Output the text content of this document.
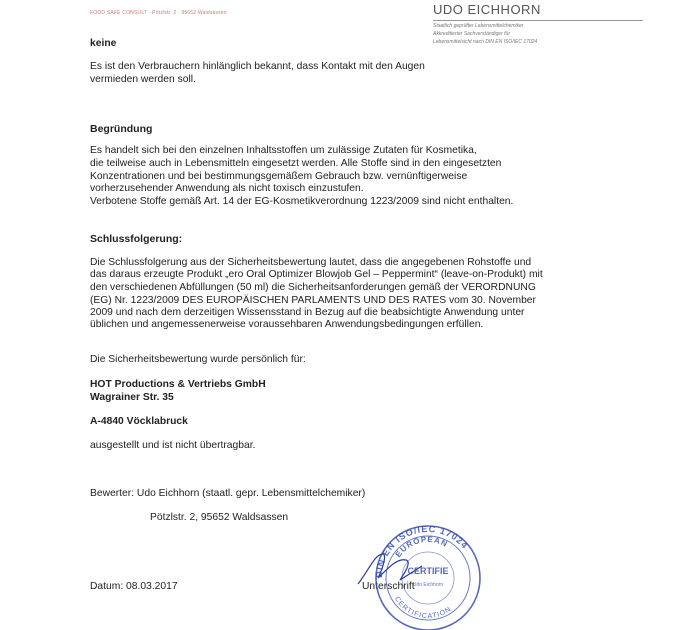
FOOD SAFE CONSULT · Pötzlstr. 2 · 95652 Waldsassen	UDO EICHHORN
Staatlich geprüfter Lebensmittelchemiker
Akkreditierter Sachverständiger für
Lebensmittelsicht nach DIN EN ISO/IEC 17024
keine
Es ist den Verbrauchern hinlänglich bekannt, dass Kontakt mit den Augen
vermieden werden soll.
Begründung
Es handelt sich bei den einzelnen Inhaltsstoffen um zulässige Zutaten für Kosmetika,
die teilweise auch in Lebensmitteln eingesetzt werden. Alle Stoffe sind in den eingesetzten
Konzentrationen und bei bestimmungsgemäßem Gebrauch bzw. vernünftigerweise
vorherzusehender Anwendung als nicht toxisch einzustufen.
Verbotene Stoffe gemäß Art. 14 der EG-Kosmetikverordnung 1223/2009 sind nicht enthalten.
Schlussfolgerung:
Die Schlussfolgerung aus der Sicherheitsbewertung lautet, dass die angegebenen Rohstoffe und
das daraus erzeugte Produkt „ero Oral Optimizer Blowjob Gel – Peppermint“ (leave-on-Produkt) mit
den verschiedenen Abfüllungen (50 ml) die Sicherheitsanforderungen gemäß der VERORDNUNG
(EG) Nr. 1223/2009 DES EUROPÄISCHEN PARLAMENTS UND DES RATES vom 30. November
2009 und nach dem derzeitigen Wissensstand in Bezug auf die beabsichtigte Anwendung unter
üblichen und angemessenerweise voraussehbaren Anwendungsbedingungen erfüllen.
Die Sicherheitsbewertung wurde persönlich für:
HOT Productions & Vertriebs GmbH
Wagrainer Str. 35
A-4840 Vöcklabruck
ausgestellt und ist nicht übertragbar.
Bewerter: Udo Eichhorn (staatl. gepr. Lebensmittelchemiker)
Pötzlstr. 2, 95652 Waldsassen
Datum: 08.03.2017	Unterschrift
DIN EN ISO/IEC 17024
EUROPEAN
CERTIFICATION
CERTIFIE
Udo Eichhorn
